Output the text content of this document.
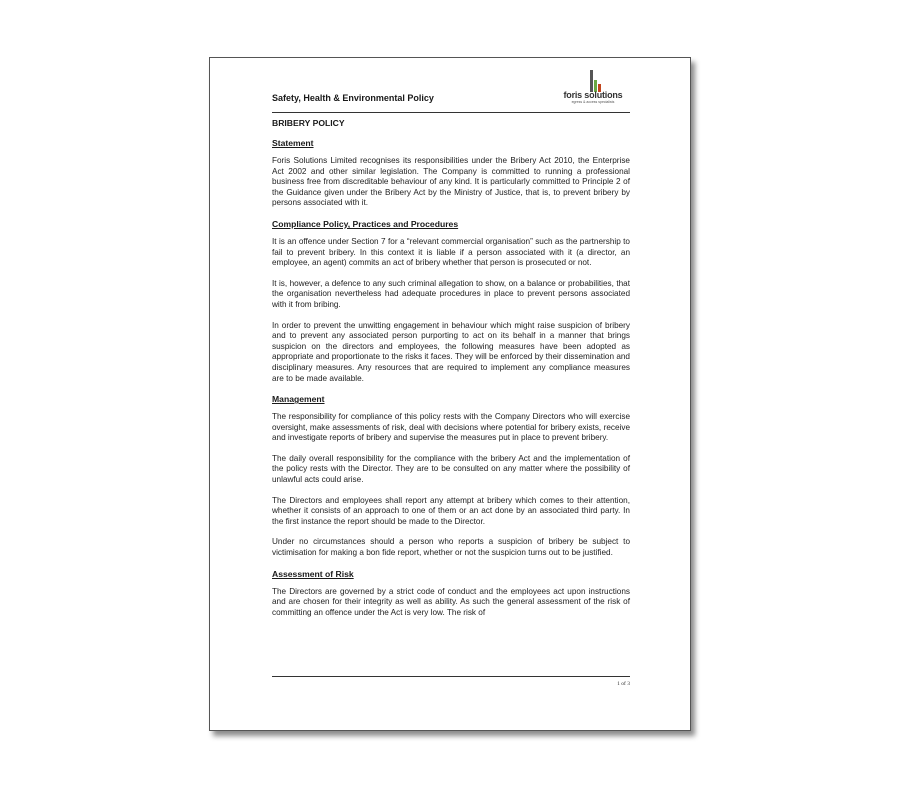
Safety, Health & Environmental Policy	foris solutions
egress & access specialists
BRIBERY POLICY
Statement

Foris Solutions Limited recognises its responsibilities under the Bribery Act 2010, the Enterprise Act 2002 and other similar legislation. The Company is committed to running a professional business free from discreditable behaviour of any kind. It is particularly committed to Principle 2 of the Guidance given under the Bribery Act by the Ministry of Justice, that is, to prevent bribery by persons associated with it.

Compliance Policy, Practices and Procedures

It is an offence under Section 7 for a “relevant commercial organisation” such as the partnership to fail to prevent bribery. In this context it is liable if a person associated with it (a director, an employee, an agent) commits an act of bribery whether that person is prosecuted or not.

It is, however, a defence to any such criminal allegation to show, on a balance or probabilities, that the organisation nevertheless had adequate procedures in place to prevent persons associated with it from bribing.

In order to prevent the unwitting engagement in behaviour which might raise suspicion of bribery and to prevent any associated person purporting to act on its behalf in a manner that brings suspicion on the directors and employees, the following measures have been adopted as appropriate and proportionate to the risks it faces. They will be enforced by their dissemination and disciplinary measures. Any resources that are required to implement any compliance measures are to be made available.

Management

The responsibility for compliance of this policy rests with the Company Directors who will exercise oversight, make assessments of risk, deal with decisions where potential for bribery exists, receive and investigate reports of bribery and supervise the measures put in place to prevent bribery.

The daily overall responsibility for the compliance with the bribery Act and the implementation of the policy rests with the Director. They are to be consulted on any matter where the possibility of unlawful acts could arise.

The Directors and employees shall report any attempt at bribery which comes to their attention, whether it consists of an approach to one of them or an act done by an associated third party. In the first instance the report should be made to the Director.

Under no circumstances should a person who reports a suspicion of bribery be subject to victimisation for making a bon fide report, whether or not the suspicion turns out to be justified.

Assessment of Risk

The Directors are governed by a strict code of conduct and the employees act upon instructions and are chosen for their integrity as well as ability. As such the general assessment of the risk of committing an offence under the Act is very low. The risk of

1 of 3
